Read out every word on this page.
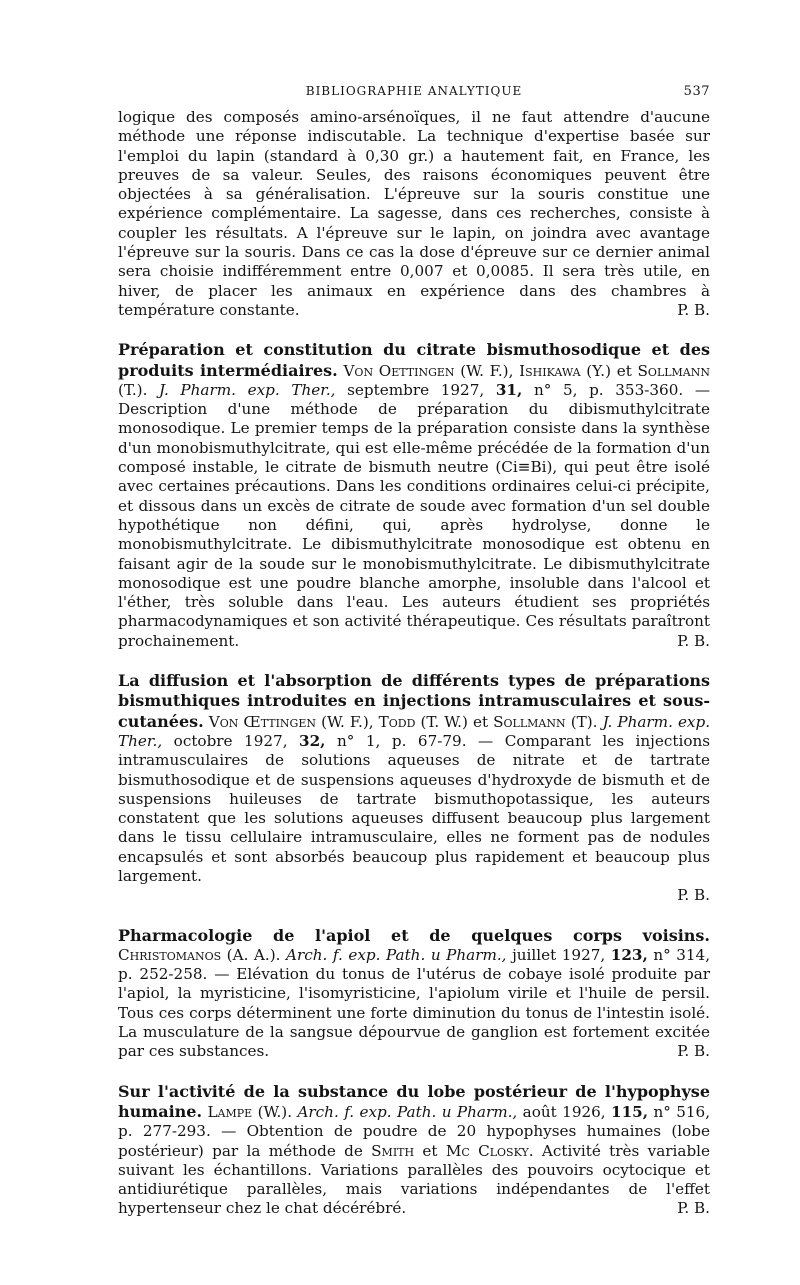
BIBLIOGRAPHIE ANALYTIQUE	537

logique des composés amino-arsénoïques, il ne faut attendre d'aucune méthode une réponse indiscutable. La technique d'expertise basée sur l'emploi du lapin (standard à 0,30 gr.) a hautement fait, en France, les preuves de sa valeur. Seules, des raisons économiques peuvent être objectées à sa généralisation. L'épreuve sur la souris constitue une expérience complémentaire. La sagesse, dans ces recherches, consiste à coupler les résultats. A l'épreuve sur le lapin, on joindra avec avantage l'épreuve sur la souris. Dans ce cas la dose d'épreuve sur ce dernier animal sera choisie indifféremment entre 0,007 et 0,0085. Il sera très utile, en hiver, de placer les animaux en expérience dans des chambres à température constante.	P. B.

Préparation et constitution du citrate bismuthosodique et des produits intermédiaires. Von Oettingen (W. F.), Ishikawa (Y.) et Sollmann (T.). J. Pharm. exp. Ther., septembre 1927, 31, n° 5, p. 353-360. — Description d'une méthode de préparation du dibismuthylcitrate monosodique. Le premier temps de la préparation consiste dans la synthèse d'un monobismuthylcitrate, qui est elle-même précédée de la formation d'un composé instable, le citrate de bismuth neutre (Ci≡Bi), qui peut être isolé avec certaines précautions. Dans les conditions ordinaires celui-ci précipite, et dissous dans un excès de citrate de soude avec formation d'un sel double hypothétique non défini, qui, après hydrolyse, donne le monobismuthylcitrate. Le dibismuthylcitrate monosodique est obtenu en faisant agir de la soude sur le monobismuthylcitrate. Le dibismuthylcitrate monosodique est une poudre blanche amorphe, insoluble dans l'alcool et l'éther, très soluble dans l'eau. Les auteurs étudient ses propriétés pharmacodynamiques et son activité thérapeutique. Ces résultats paraîtront prochainement.	P. B.

La diffusion et l'absorption de différents types de préparations bismuthiques introduites en injections intramusculaires et sous-cutanées. Von Œttingen (W. F.), Todd (T. W.) et Sollmann (T). J. Pharm. exp. Ther., octobre 1927, 32, n° 1, p. 67-79. — Comparant les injections intramusculaires de solutions aqueuses de nitrate et de tartrate bismuthosodique et de suspensions aqueuses d'hydroxyde de bismuth et de suspensions huileuses de tartrate bismuthopotassique, les auteurs constatent que les solutions aqueuses diffusent beaucoup plus largement dans le tissu cellulaire intramusculaire, elles ne forment pas de nodules encapsulés et sont absorbés beaucoup plus rapidement et beaucoup plus largement.

P. B.

Pharmacologie de l'apiol et de quelques corps voisins. Christomanos (A. A.). Arch. f. exp. Path. u Pharm., juillet 1927, 123, n° 314, p. 252-258. — Elévation du tonus de l'utérus de cobaye isolé produite par l'apiol, la myristicine, l'isomyristicine, l'apiolum virile et l'huile de persil. Tous ces corps déterminent une forte diminution du tonus de l'intestin isolé. La musculature de la sangsue dépourvue de ganglion est fortement excitée par ces substances.	P. B.

Sur l'activité de la substance du lobe postérieur de l'hypophyse humaine. Lampe (W.). Arch. f. exp. Path. u Pharm., août 1926, 115, n° 516, p. 277-293. — Obtention de poudre de 20 hypophyses humaines (lobe postérieur) par la méthode de Smith et Mc Closky. Activité très variable suivant les échantillons. Variations parallèles des pouvoirs ocytocique et antidiurétique parallèles, mais variations indépendantes de l'effet hypertenseur chez le chat décérébré.	P. B.
